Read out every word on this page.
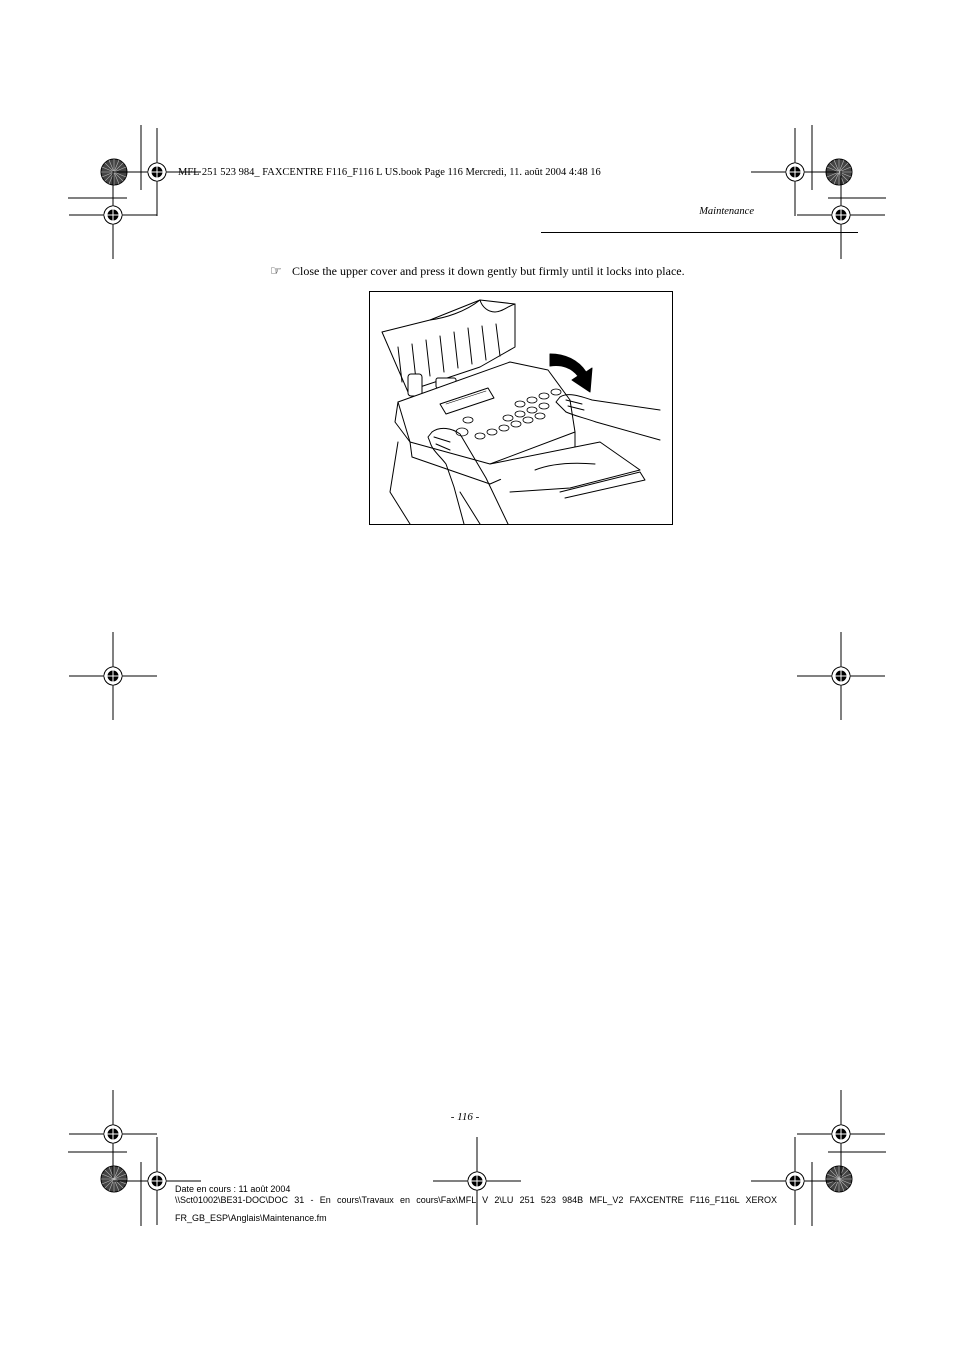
MFL 251 523 984_ FAXCENTRE F116_F116 L US.book Page 116 Mercredi, 11. août 2004 4:48 16
Maintenance
☞ Close the upper cover and press it down gently but firmly until it locks into place.
- 116 -
Date en cours : 11 août 2004
\\Sct01002\BE31-DOC\DOC 31 - En cours\Travaux en cours\Fax\MFL V 2\LU 251 523 984B MFL_V2 FAXCENTRE F116_F116L XEROX
FR_GB_ESP\Anglais\Maintenance.fm
